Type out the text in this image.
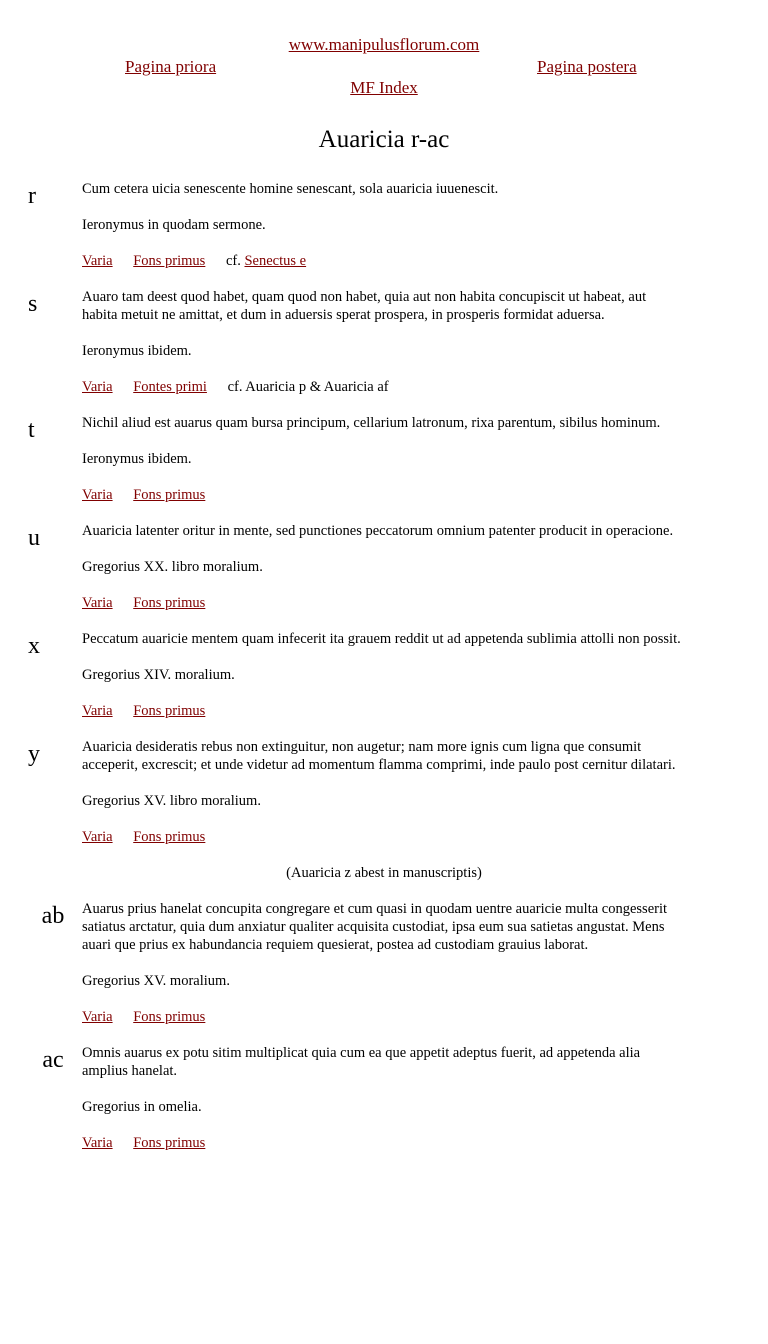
www.manipulusflorum.com
Pagina priora	Pagina postera
MF Index
Auaricia r-ac
r	Cum cetera uicia senescente homine senescant, sola auaricia iuuenescit.

Ieronymus in quodam sermone.

Varia Fons primus cf. Senectus e
s	Auaro tam deest quod habet, quam quod non habet, quia aut non habita concupiscit ut habeat, aut habita metuit ne amittat, et dum in aduersis sperat prospera, in prosperis formidat aduersa.

Ieronymus ibidem.

Varia Fontes primi cf. Auaricia p & Auaricia af
t	Nichil aliud est auarus quam bursa principum, cellarium latronum, rixa parentum, sibilus hominum.

Ieronymus ibidem.

Varia Fons primus
u	Auaricia latenter oritur in mente, sed punctiones peccatorum omnium patenter producit in operacione.

Gregorius XX. libro moralium.

Varia Fons primus
x	Peccatum auaricie mentem quam infecerit ita grauem reddit ut ad appetenda sublimia attolli non possit.

Gregorius XIV. moralium.

Varia Fons primus
y	Auaricia desideratis rebus non extinguitur, non augetur; nam more ignis cum ligna que consumit acceperit, excrescit; et unde videtur ad momentum flamma comprimi, inde paulo post cernitur dilatari.

Gregorius XV. libro moralium.

Varia Fons primus

(Auaricia z abest in manuscriptis)

ab	Auarus prius hanelat concupita congregare et cum quasi in quodam uentre auaricie multa congesserit satiatus arctatur, quia dum anxiatur qualiter acquisita custodiat, ipsa eum sua satietas angustat. Mens auari que prius ex habundancia requiem quesierat, postea ad custodiam grauius laborat.

Gregorius XV. moralium.

Varia Fons primus
ac	Omnis auarus ex potu sitim multiplicat quia cum ea que appetit adeptus fuerit, ad appetenda alia amplius hanelat.

Gregorius in omelia.

Varia Fons primus
